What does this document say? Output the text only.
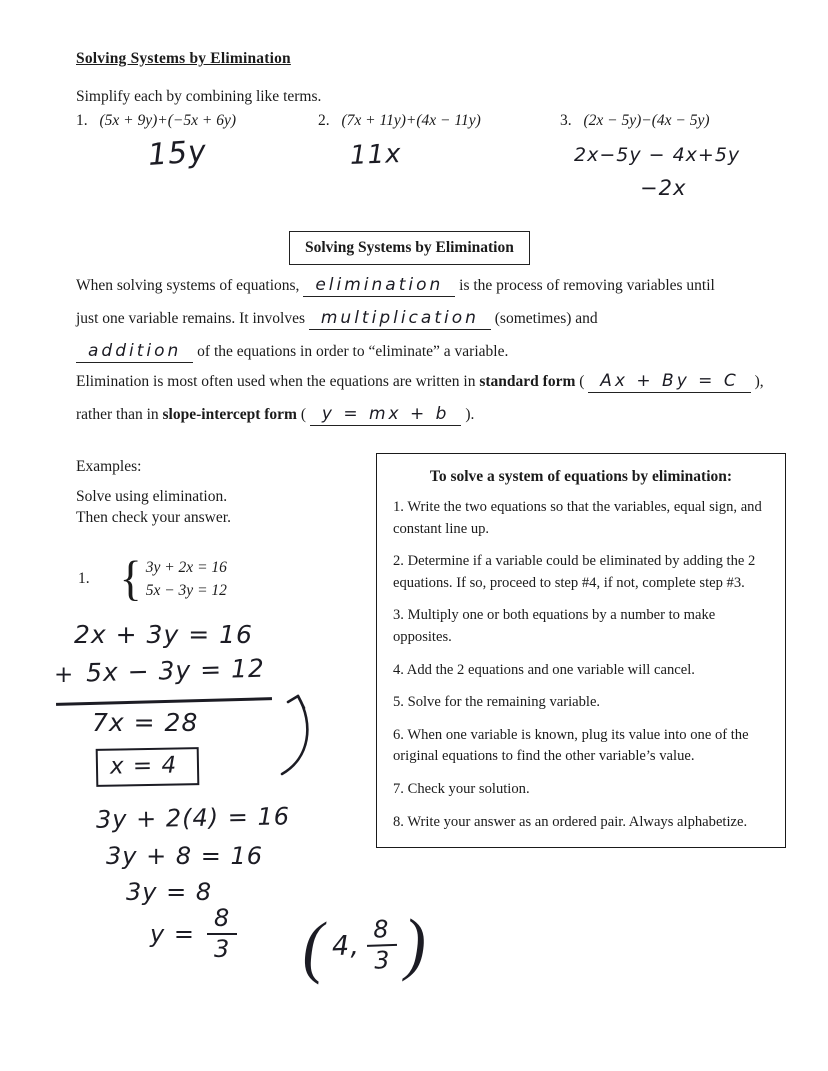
Solving Systems by Elimination

Simplify each by combining like terms.

1. (5x + 9y)+(−5x + 6y)	2. (7x + 11y)+(4x − 11y)	3. (2x − 5y)−(4x − 5y)
15y	11x	2x−5y − 4x+5y
−2x
Solving Systems by Elimination
When solving systems of equations, elimination is the process of removing variables until
just one variable remains. It involves multiplication (sometimes) and
addition of the equations in order to “eliminate” a variable.
Elimination is most often used when the equations are written in standard form ( Ax + By = C ),
rather than in slope-intercept form ( y = mx + b ).

Examples:

Solve using elimination.

Then check your answer.

1. { 3y + 2x = 16
5x − 3y = 12
To solve a system of equations by elimination:

1. Write the two equations so that the variables, equal sign, and constant line up.

2. Determine if a variable could be eliminated by adding the 2 equations. If so, proceed to step #4, if not, complete step #3.

3. Multiply one or both equations by a number to make opposites.

4. Add the 2 equations and one variable will cancel.

5. Solve for the remaining variable.

6. When one variable is known, plug its value into one of the original equations to find the other variable’s value.

7. Check your solution.

8. Write your answer as an ordered pair. Always alphabetize.

2x + 3y = 16
+ 5x − 3y = 12
7x = 28
x = 4
3y + 2(4) = 16
3y + 8 = 16
3y = 8
$y = \frac{8}{3}$ ( 4, $\frac{8}{3}$ )
